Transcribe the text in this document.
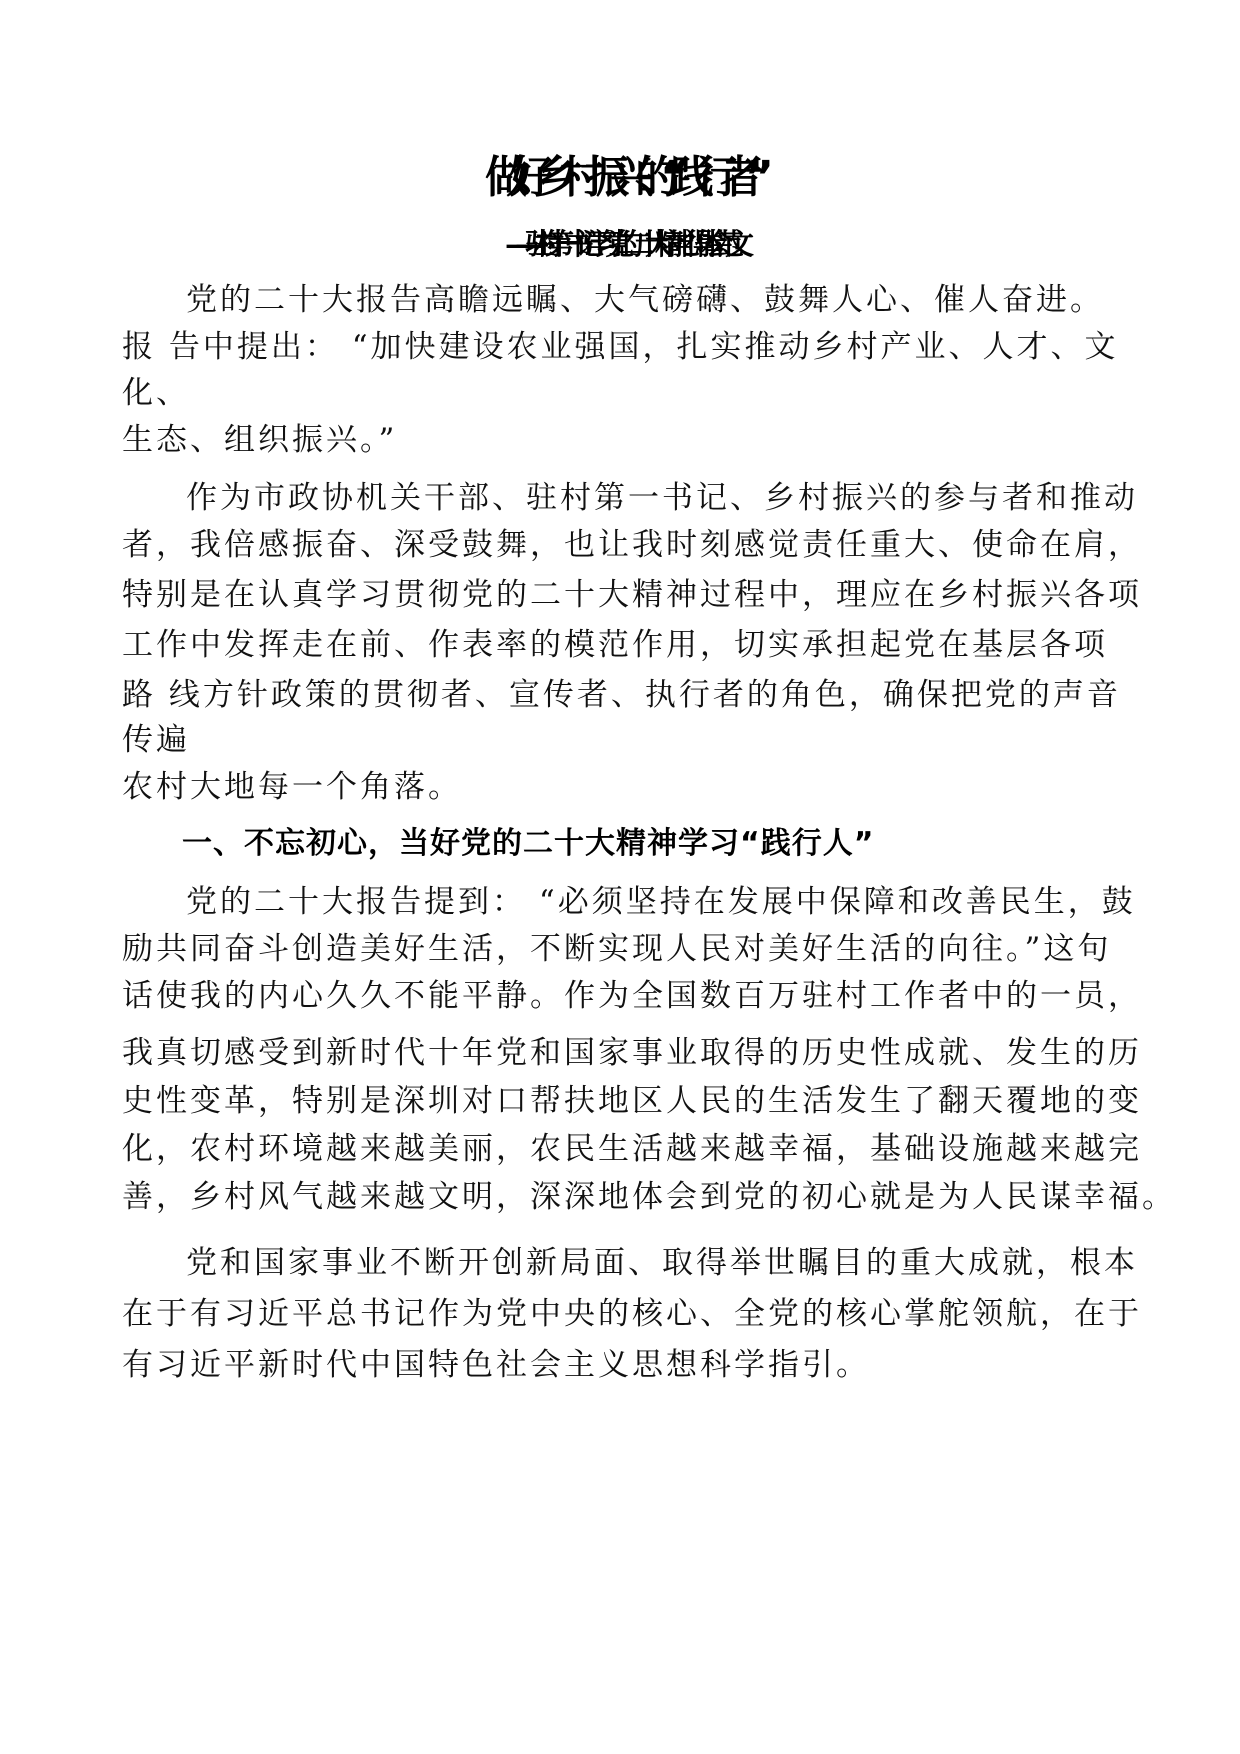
做好乡村振兴的“践行者”
——驻村第一书记学习党的二十大精神心得体会范文
党的二十大报告高瞻远瞩、大气磅礴、鼓舞人心、催人奋进。
报 告中提出： “加快建设农业强国，扎实推动乡村产业、人才、文
化、
生态、组织振兴。”
作为市政协机关干部、驻村第一书记、乡村振兴的参与者和推动
者，我倍感振奋、深受鼓舞，也让我时刻感觉责任重大、使命在肩，
特别是在认真学习贯彻党的二十大精神过程中，理应在乡村振兴各项
工作中发挥走在前、作表率的模范作用，切实承担起党在基层各项
路 线方针政策的贯彻者、宣传者、执行者的角色，确保把党的声音
传遍
农村大地每一个角落。
一、不忘初心，当好党的二十大精神学习“践行人”
党的二十大报告提到： “必须坚持在发展中保障和改善民生，鼓
励共同奋斗创造美好生活，不断实现人民对美好生活的向往。”这句
话使我的内心久久不能平静。作为全国数百万驻村工作者中的一员，
我真切感受到新时代十年党和国家事业取得的历史性成就、发生的历
史性变革，特别是深圳对口帮扶地区人民的生活发生了翻天覆地的变
化，农村环境越来越美丽，农民生活越来越幸福，基础设施越来越完
善，乡村风气越来越文明，深深地体会到党的初心就是为人民谋幸福。
党和国家事业不断开创新局面、取得举世瞩目的重大成就，根本
在于有习近平总书记作为党中央的核心、全党的核心掌舵领航，在于
有习近平新时代中国特色社会主义思想科学指引。
